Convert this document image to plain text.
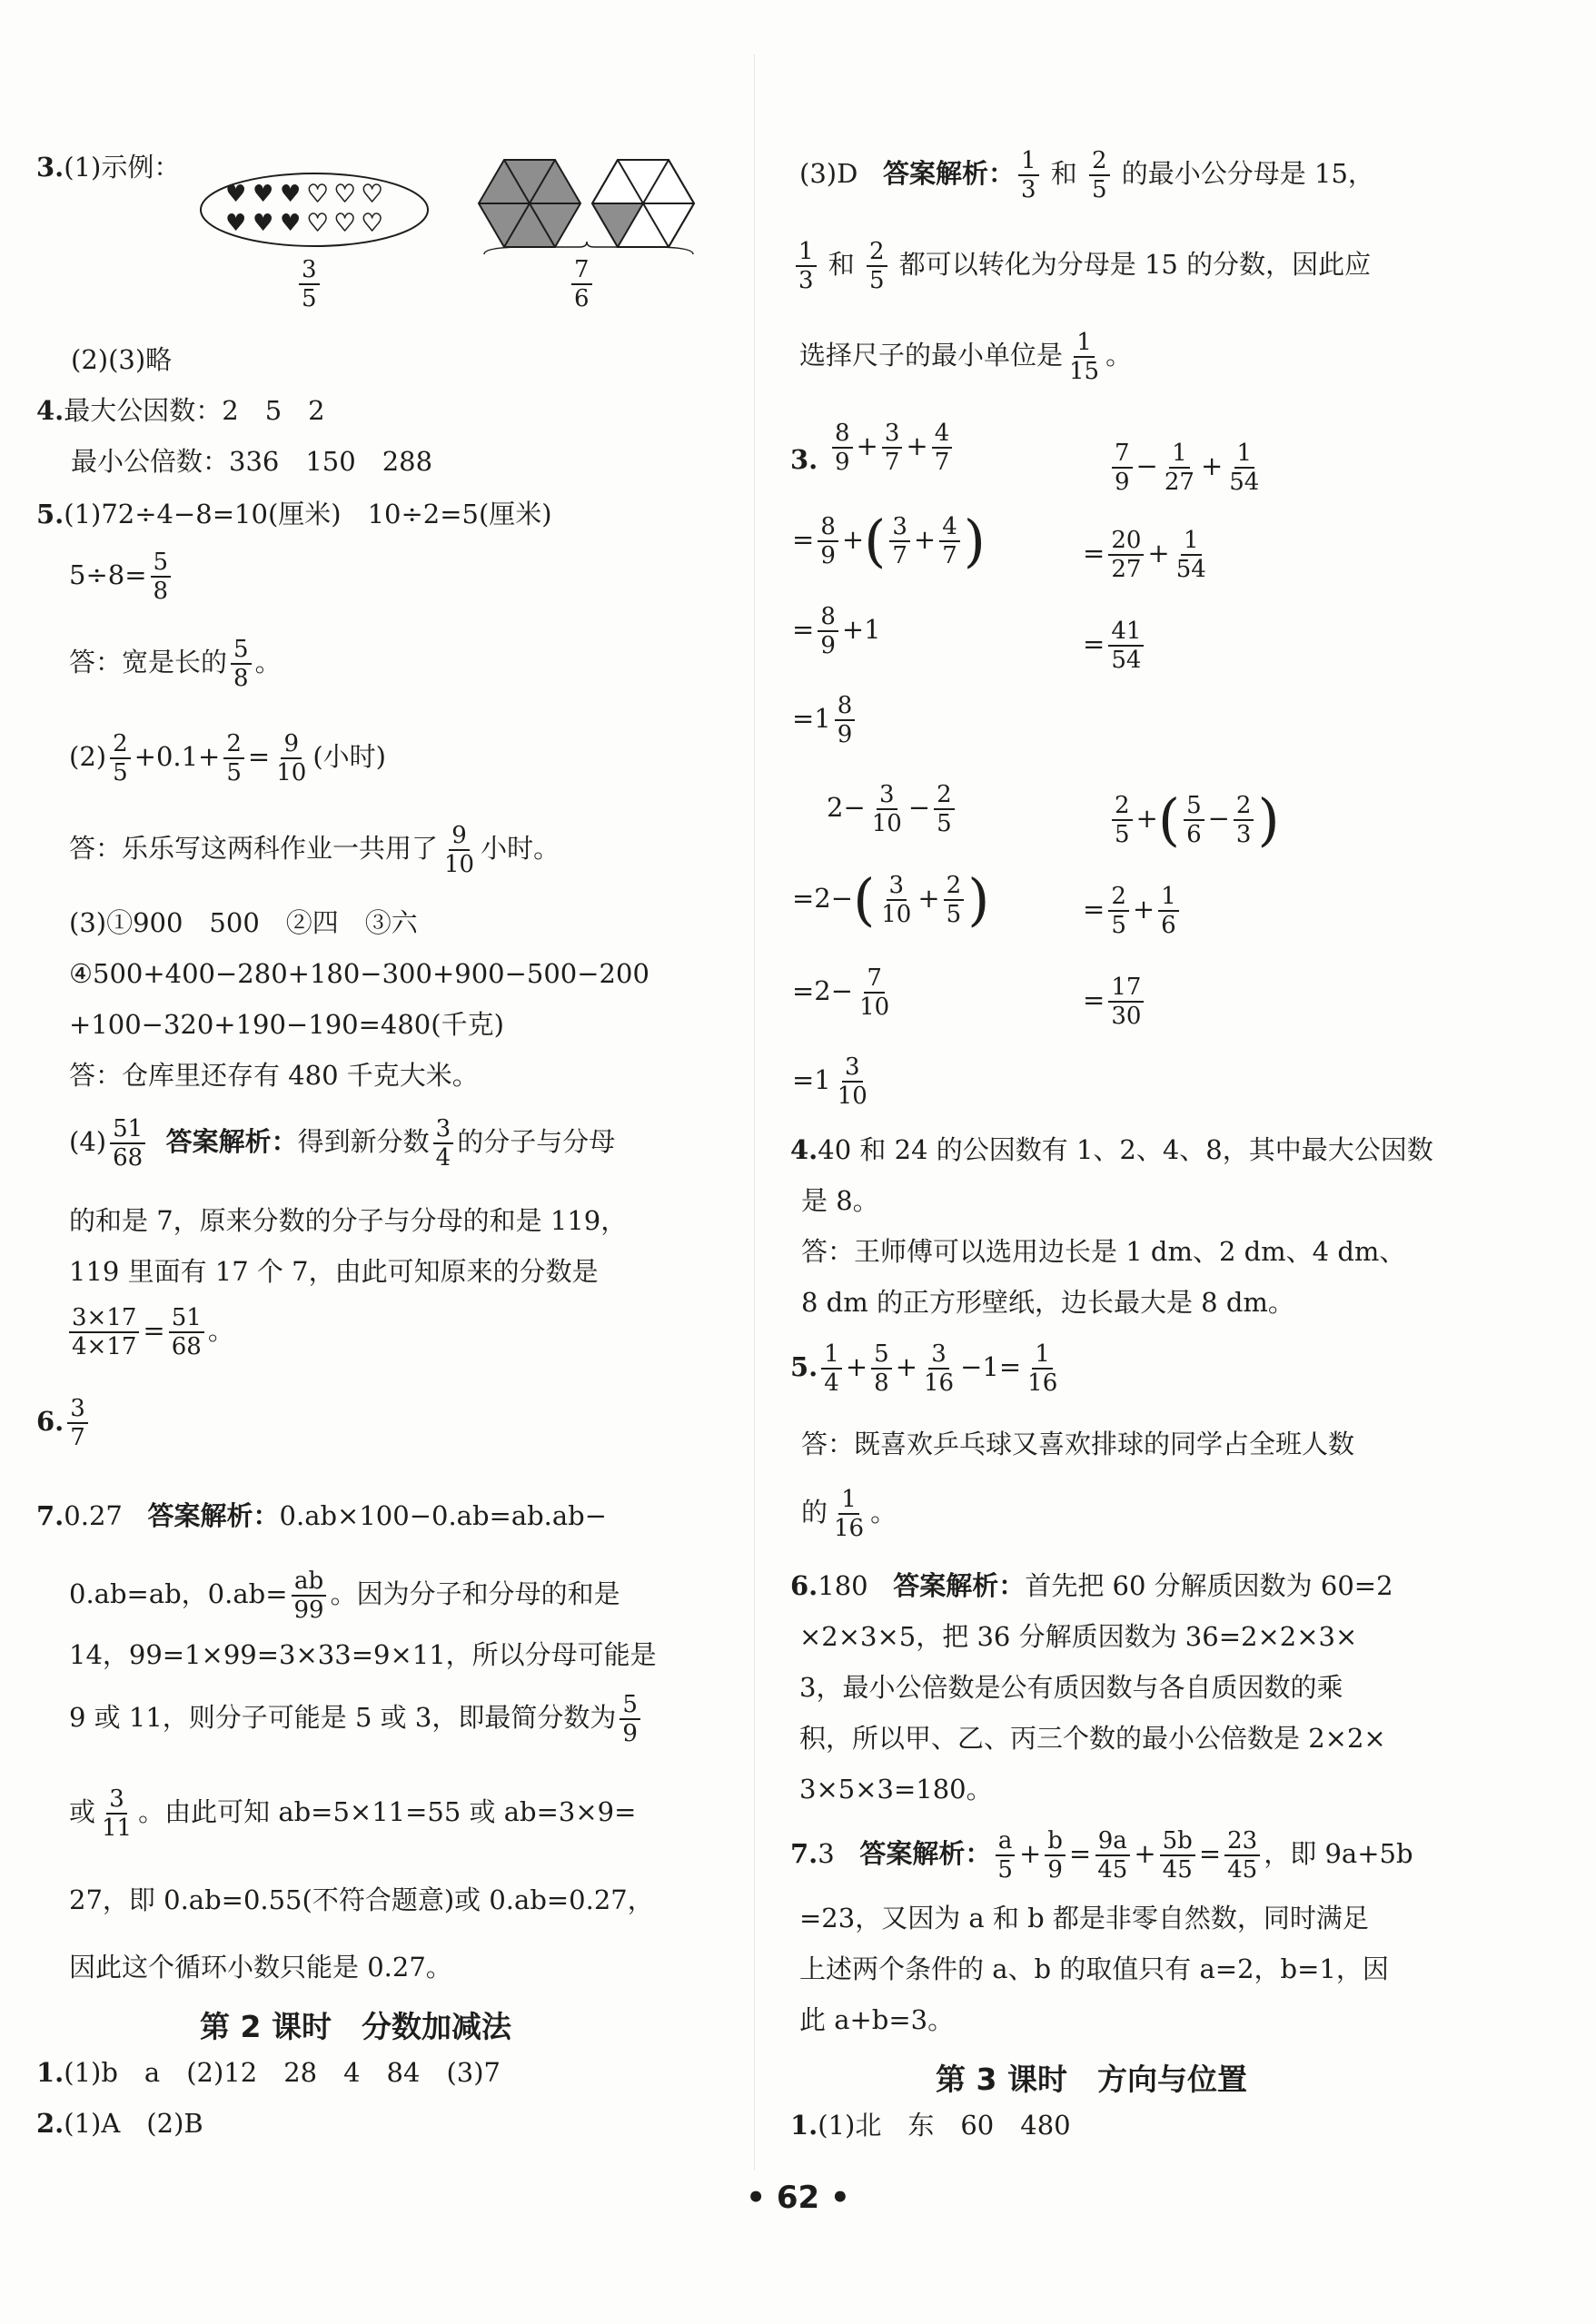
3.(1)示例：
♥ ♥ ♥ ♥ ♥ ♥
♥ ♥ ♥ ♥ ♥ ♥
$\frac{3}{5}$	$\frac{7}{6}$
(2)(3)略
4.最大公因数：2　5　2
最小公倍数：336　150　288
5.(1)72÷4−8=10(厘米)　10÷2=5(厘米)
$5\div 8= \frac{5}{8}$
答：宽是长的 $\frac{5}{8}$ 。
$(2) \frac{2}{5} +0.1+ \frac{2}{5} = \frac{9}{10}$ (小时)
答：乐乐写这两科作业一共用了 $\frac{9}{10}$ 小时。
(3)①900　500　②四　③六
④500+400−280+180−300+900−500−200
+100−320+190−190=480(千克)
答：仓库里还存有 480 千克大米。
$(4) \frac{51}{68}$ 答案解析：得到新分数 $\frac{3}{4}$ 的分子与分母
的和是 7，原来分数的分子与分母的和是 119，
119 里面有 17 个 7，由此可知原来的分数是
$\frac{3\times 17}{4\times 17} = \frac{51}{68}$ 。
6. $\frac{3}{7}$
7.0.27 答案解析：0.ab×100−0.ab=ab.ab−
0.ab=ab，$0.ab= \frac{ab}{99}$ 。因为分子和分母的和是
14，99=1×99=3×33=9×11，所以分母可能是
9 或 11，则分子可能是 5 或 3，即最简分数为 $\frac{5}{9}$
或 $\frac{3}{11}$ 。由此可知 ab=5×11=55 或 ab=3×9=
27，即 0.ab=0.55(不符合题意)或 0.ab=0.27，
因此这个循环小数只能是 0.27。
第 2 课时　分数加减法
1.(1)b　a　(2)12　28　4　84　(3)7
2.(1)A　(2)B
(3)D 答案解析： $\frac{1}{3}$ 和 $\frac{2}{5}$ 的最小公分母是 15，
$\frac{1}{3}$ 和 $\frac{2}{5}$ 都可以转化为分母是 15 的分数，因此应
选择尺子的最小单位是 $\frac{1}{15}$ 。
3. $\frac{8}{9} + \frac{3}{7} + \frac{4}{7}$
= $\frac{8}{9}$ +( $\frac{3}{7} + \frac{4}{7}$ )
= $\frac{8}{9} +1$
$=1 \frac{8}{9}$
$\frac{7}{9} - \frac{1}{27} + \frac{1}{54}$
= $\frac{20}{27} + \frac{1}{54}$
= $\frac{41}{54}$
$2- \frac{3}{10} - \frac{2}{5}$
$=2-( \frac{3}{10} + \frac{2}{5}$ )
$=2- \frac{7}{10}$
$=1 \frac{3}{10}$
$\frac{2}{5}$ +( $\frac{5}{6} - \frac{2}{3}$ )
= $\frac{2}{5} + \frac{1}{6}$
= $\frac{17}{30}$
4.40 和 24 的公因数有 1、2、4、8，其中最大公因数
是 8。
答：王师傅可以选用边长是 1 dm、2 dm、4 dm、
8 dm 的正方形壁纸，边长最大是 8 dm。
5. $\frac{1}{4} + \frac{5}{8} + \frac{3}{16} -1= \frac{1}{16}$
答：既喜欢乒乓球又喜欢排球的同学占全班人数
的 $\frac{1}{16}$ 。
6.180 答案解析：首先把 60 分解质因数为 60=2
×2×3×5，把 36 分解质因数为 36=2×2×3×
3，最小公倍数是公有质因数与各自质因数的乘
积，所以甲、乙、丙三个数的最小公倍数是 2×2×
3×5×3=180。
7.3 答案解析： $\frac{a}{5} + \frac{b}{9} = \frac{9a}{45} + \frac{5b}{45} = \frac{23}{45}$ ，即 9a+5b
=23，又因为 a 和 b 都是非零自然数，同时满足
上述两个条件的 a、b 的取值只有 a=2，b=1，因
此 a+b=3。
第 3 课时　方向与位置
1.(1)北　东　60　480
• 62 •
